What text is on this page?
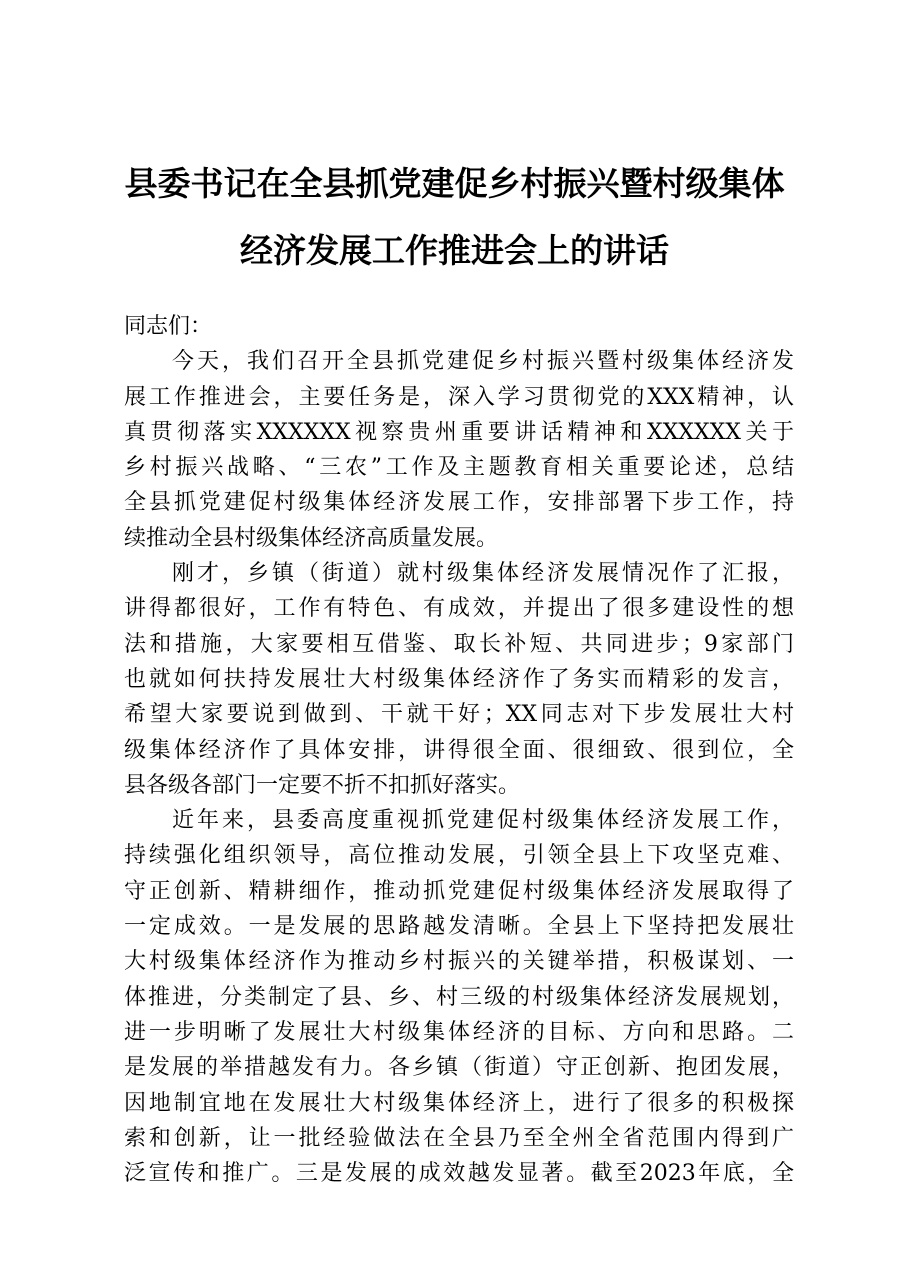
县委书记在全县抓党建促乡村振兴暨村级集体
经济发展工作推进会上的讲话
同志们：
今天，我们召开全县抓党建促乡村振兴暨村级集体经济发
展工作推进会，主要任务是，深入学习贯彻党的XXX精神，认
真贯彻落实XXXXXX视察贵州重要讲话精神和XXXXXX关于
乡村振兴战略、“三农”工作及主题教育相关重要论述，总结
全县抓党建促村级集体经济发展工作，安排部署下步工作，持
续推动全县村级集体经济高质量发展。
刚才，乡镇（街道）就村级集体经济发展情况作了汇报，
讲得都很好，工作有特色、有成效，并提出了很多建设性的想
法和措施，大家要相互借鉴、取长补短、共同进步；9家部门
也就如何扶持发展壮大村级集体经济作了务实而精彩的发言，
希望大家要说到做到、干就干好；XX同志对下步发展壮大村
级集体经济作了具体安排，讲得很全面、很细致、很到位，全
县各级各部门一定要不折不扣抓好落实。
近年来，县委高度重视抓党建促村级集体经济发展工作，
持续强化组织领导，高位推动发展，引领全县上下攻坚克难、
守正创新、精耕细作，推动抓党建促村级集体经济发展取得了
一定成效。一是发展的思路越发清晰。全县上下坚持把发展壮
大村级集体经济作为推动乡村振兴的关键举措，积极谋划、一
体推进，分类制定了县、乡、村三级的村级集体经济发展规划，
进一步明晰了发展壮大村级集体经济的目标、方向和思路。二
是发展的举措越发有力。各乡镇（街道）守正创新、抱团发展，
因地制宜地在发展壮大村级集体经济上，进行了很多的积极探
索和创新，让一批经验做法在全县乃至全州全省范围内得到广
泛宣传和推广。三是发展的成效越发显著。截至2023年底，全
